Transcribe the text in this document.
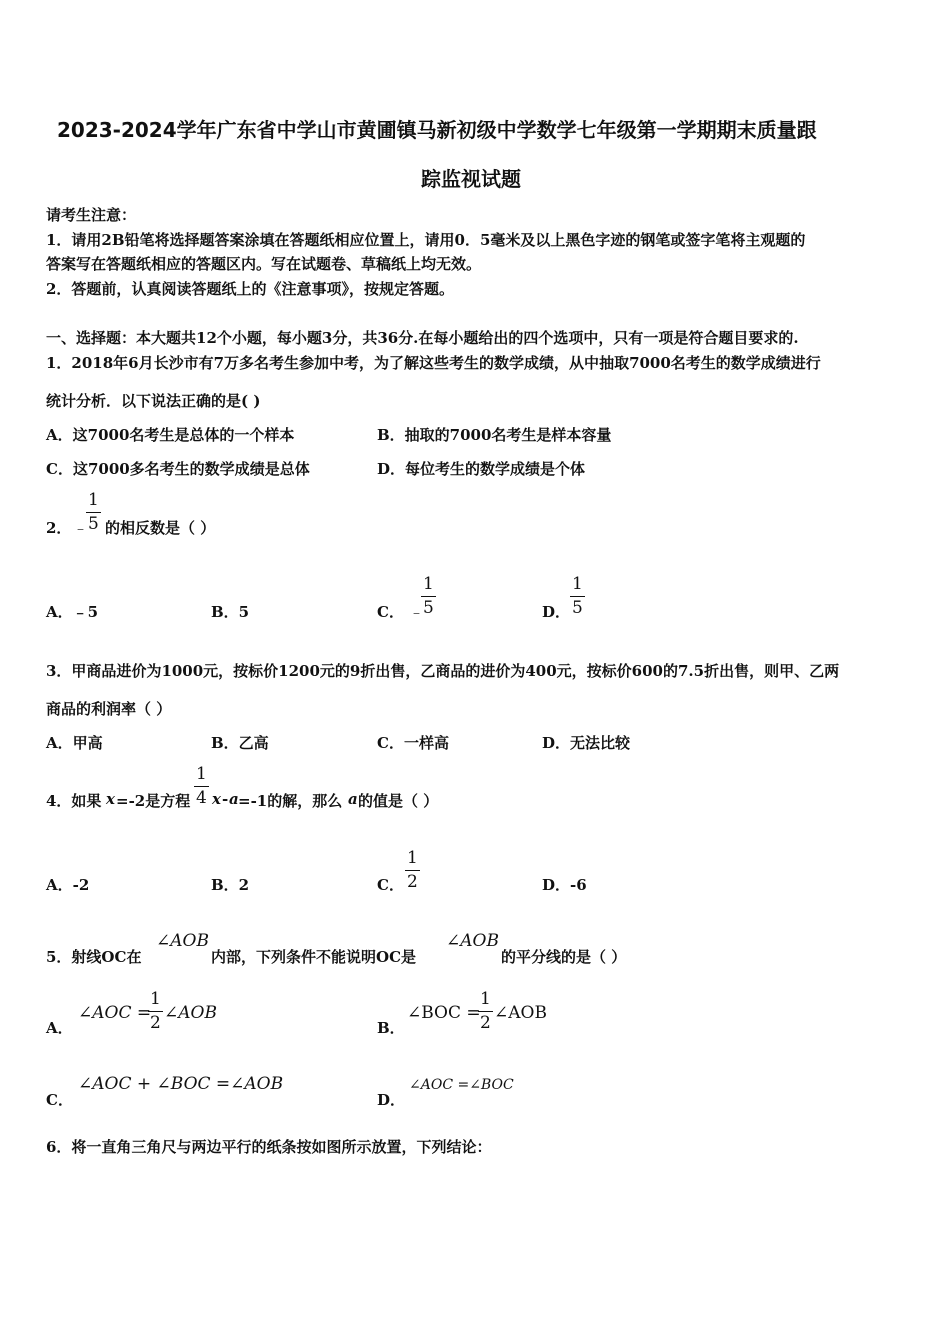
2023-2024学年广东省中学山市黄圃镇马新初级中学数学七年级第一学期期末质量跟
踪监视试题
请考生注意：
1．请用2B铅笔将选择题答案涂填在答题纸相应位置上，请用0．5毫米及以上黑色字迹的钢笔或签字笔将主观题的
答案写在答题纸相应的答题区内。写在试题卷、草稿纸上均无效。
2．答题前，认真阅读答题纸上的《注意事项》，按规定答题。
一、选择题：本大题共12个小题，每小题3分，共36分.在每小题给出的四个选项中，只有一项是符合题目要求的.
1．2018年6月长沙市有7万多名考生参加中考，为了解这些考生的数学成绩，从中抽取7000名考生的数学成绩进行
统计分析．以下说法正确的是( )
A．这7000名考生是总体的一个样本	B．抽取的7000名考生是样本容量
C．这7000多名考生的数学成绩是总体	D．每位考生的数学成绩是个体
2． ﹣
1
5 的相反数是（ ）
A．﹣5	B．5	C． ﹣
1
5	D．
1
5
3．甲商品进价为1000元，按标价1200元的9折出售，乙商品的进价为400元，按标价600的7.5折出售，则甲、乙两
商品的利润率（ ）
A．甲高	B．乙高	C．一样高	D．无法比较
4．如果 x =-2是方程
1
4 x - a =-1的解，那么 a 的值是（ ）
A．-2	B．2	C．
1
2	D．-6
5．射线OC在
∠AOB
内部，下列条件不能说明OC是
∠AOB
的平分线的是（ ）
A．
∠AOC =
1
2 ∠AOB
B．
∠BOC =
1
2 ∠AOB
C．
∠AOC + ∠BOC =∠AOB
D．
∠AOC =∠BOC
6．将一直角三角尺与两边平行的纸条按如图所示放置，下列结论：
